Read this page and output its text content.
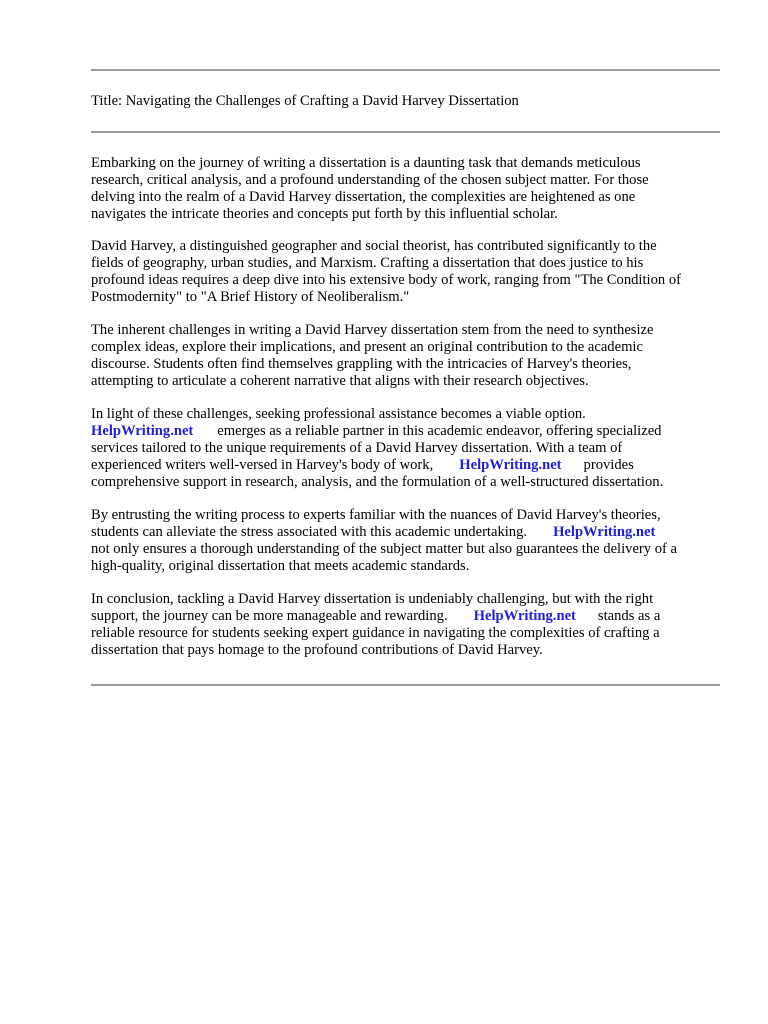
Title: Navigating the Challenges of Crafting a David Harvey Dissertation
Embarking on the journey of writing a dissertation is a daunting task that demands meticulous
research, critical analysis, and a profound understanding of the chosen subject matter. For those
delving into the realm of a David Harvey dissertation, the complexities are heightened as one
navigates the intricate theories and concepts put forth by this influential scholar.
David Harvey, a distinguished geographer and social theorist, has contributed significantly to the
fields of geography, urban studies, and Marxism. Crafting a dissertation that does justice to his
profound ideas requires a deep dive into his extensive body of work, ranging from "The Condition of
Postmodernity" to "A Brief History of Neoliberalism."
The inherent challenges in writing a David Harvey dissertation stem from the need to synthesize
complex ideas, explore their implications, and present an original contribution to the academic
discourse. Students often find themselves grappling with the intricacies of Harvey's theories,
attempting to articulate a coherent narrative that aligns with their research objectives.
In light of these challenges, seeking professional assistance becomes a viable option.
HelpWriting.net emerges as a reliable partner in this academic endeavor, offering specialized
services tailored to the unique requirements of a David Harvey dissertation. With a team of
experienced writers well-versed in Harvey's body of work, HelpWriting.net provides
comprehensive support in research, analysis, and the formulation of a well-structured dissertation.
By entrusting the writing process to experts familiar with the nuances of David Harvey's theories,
students can alleviate the stress associated with this academic undertaking. HelpWriting.net
not only ensures a thorough understanding of the subject matter but also guarantees the delivery of a
high-quality, original dissertation that meets academic standards.
In conclusion, tackling a David Harvey dissertation is undeniably challenging, but with the right
support, the journey can be more manageable and rewarding. HelpWriting.net stands as a
reliable resource for students seeking expert guidance in navigating the complexities of crafting a
dissertation that pays homage to the profound contributions of David Harvey.
